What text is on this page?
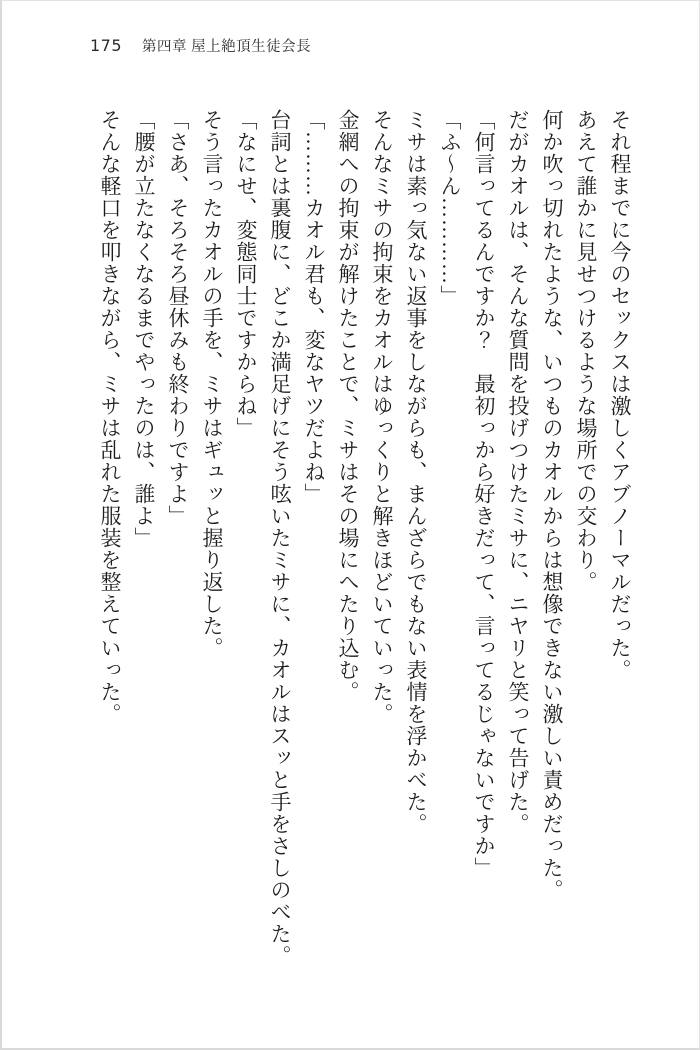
175 第四章 屋上絶頂生徒会長

それ程までに今のセックスは激しくアブノーマルだった。

あえて誰かに見せつけるような場所での交わり。

何か吹っ切れたような、いつものカオルからは想像できない激しい責めだった。

だがカオルは、そんな質問を投げつけたミサに、ニヤリと笑って告げた。

「何言ってるんですか？　最初っから好きだって、言ってるじゃないですか」

「ふ～ん…………」

ミサは素っ気ない返事をしながらも、まんざらでもない表情を浮かべた。

そんなミサの拘束をカオルはゆっくりと解きほどいていった。

金網への拘束が解けたことで、ミサはその場にへたり込む。

「………カオル君も、変なヤツだよね」

台詞とは裏腹に、どこか満足げにそう呟いたミサに、カオルはスッと手をさしのべた。

「なにせ、変態同士ですからね」

そう言ったカオルの手を、ミサはギュッと握り返した。

「さあ、そろそろ昼休みも終わりですよ」

「腰が立たなくなるまでやったのは、誰よ」

そんな軽口を叩きながら、ミサは乱れた服装を整えていった。
